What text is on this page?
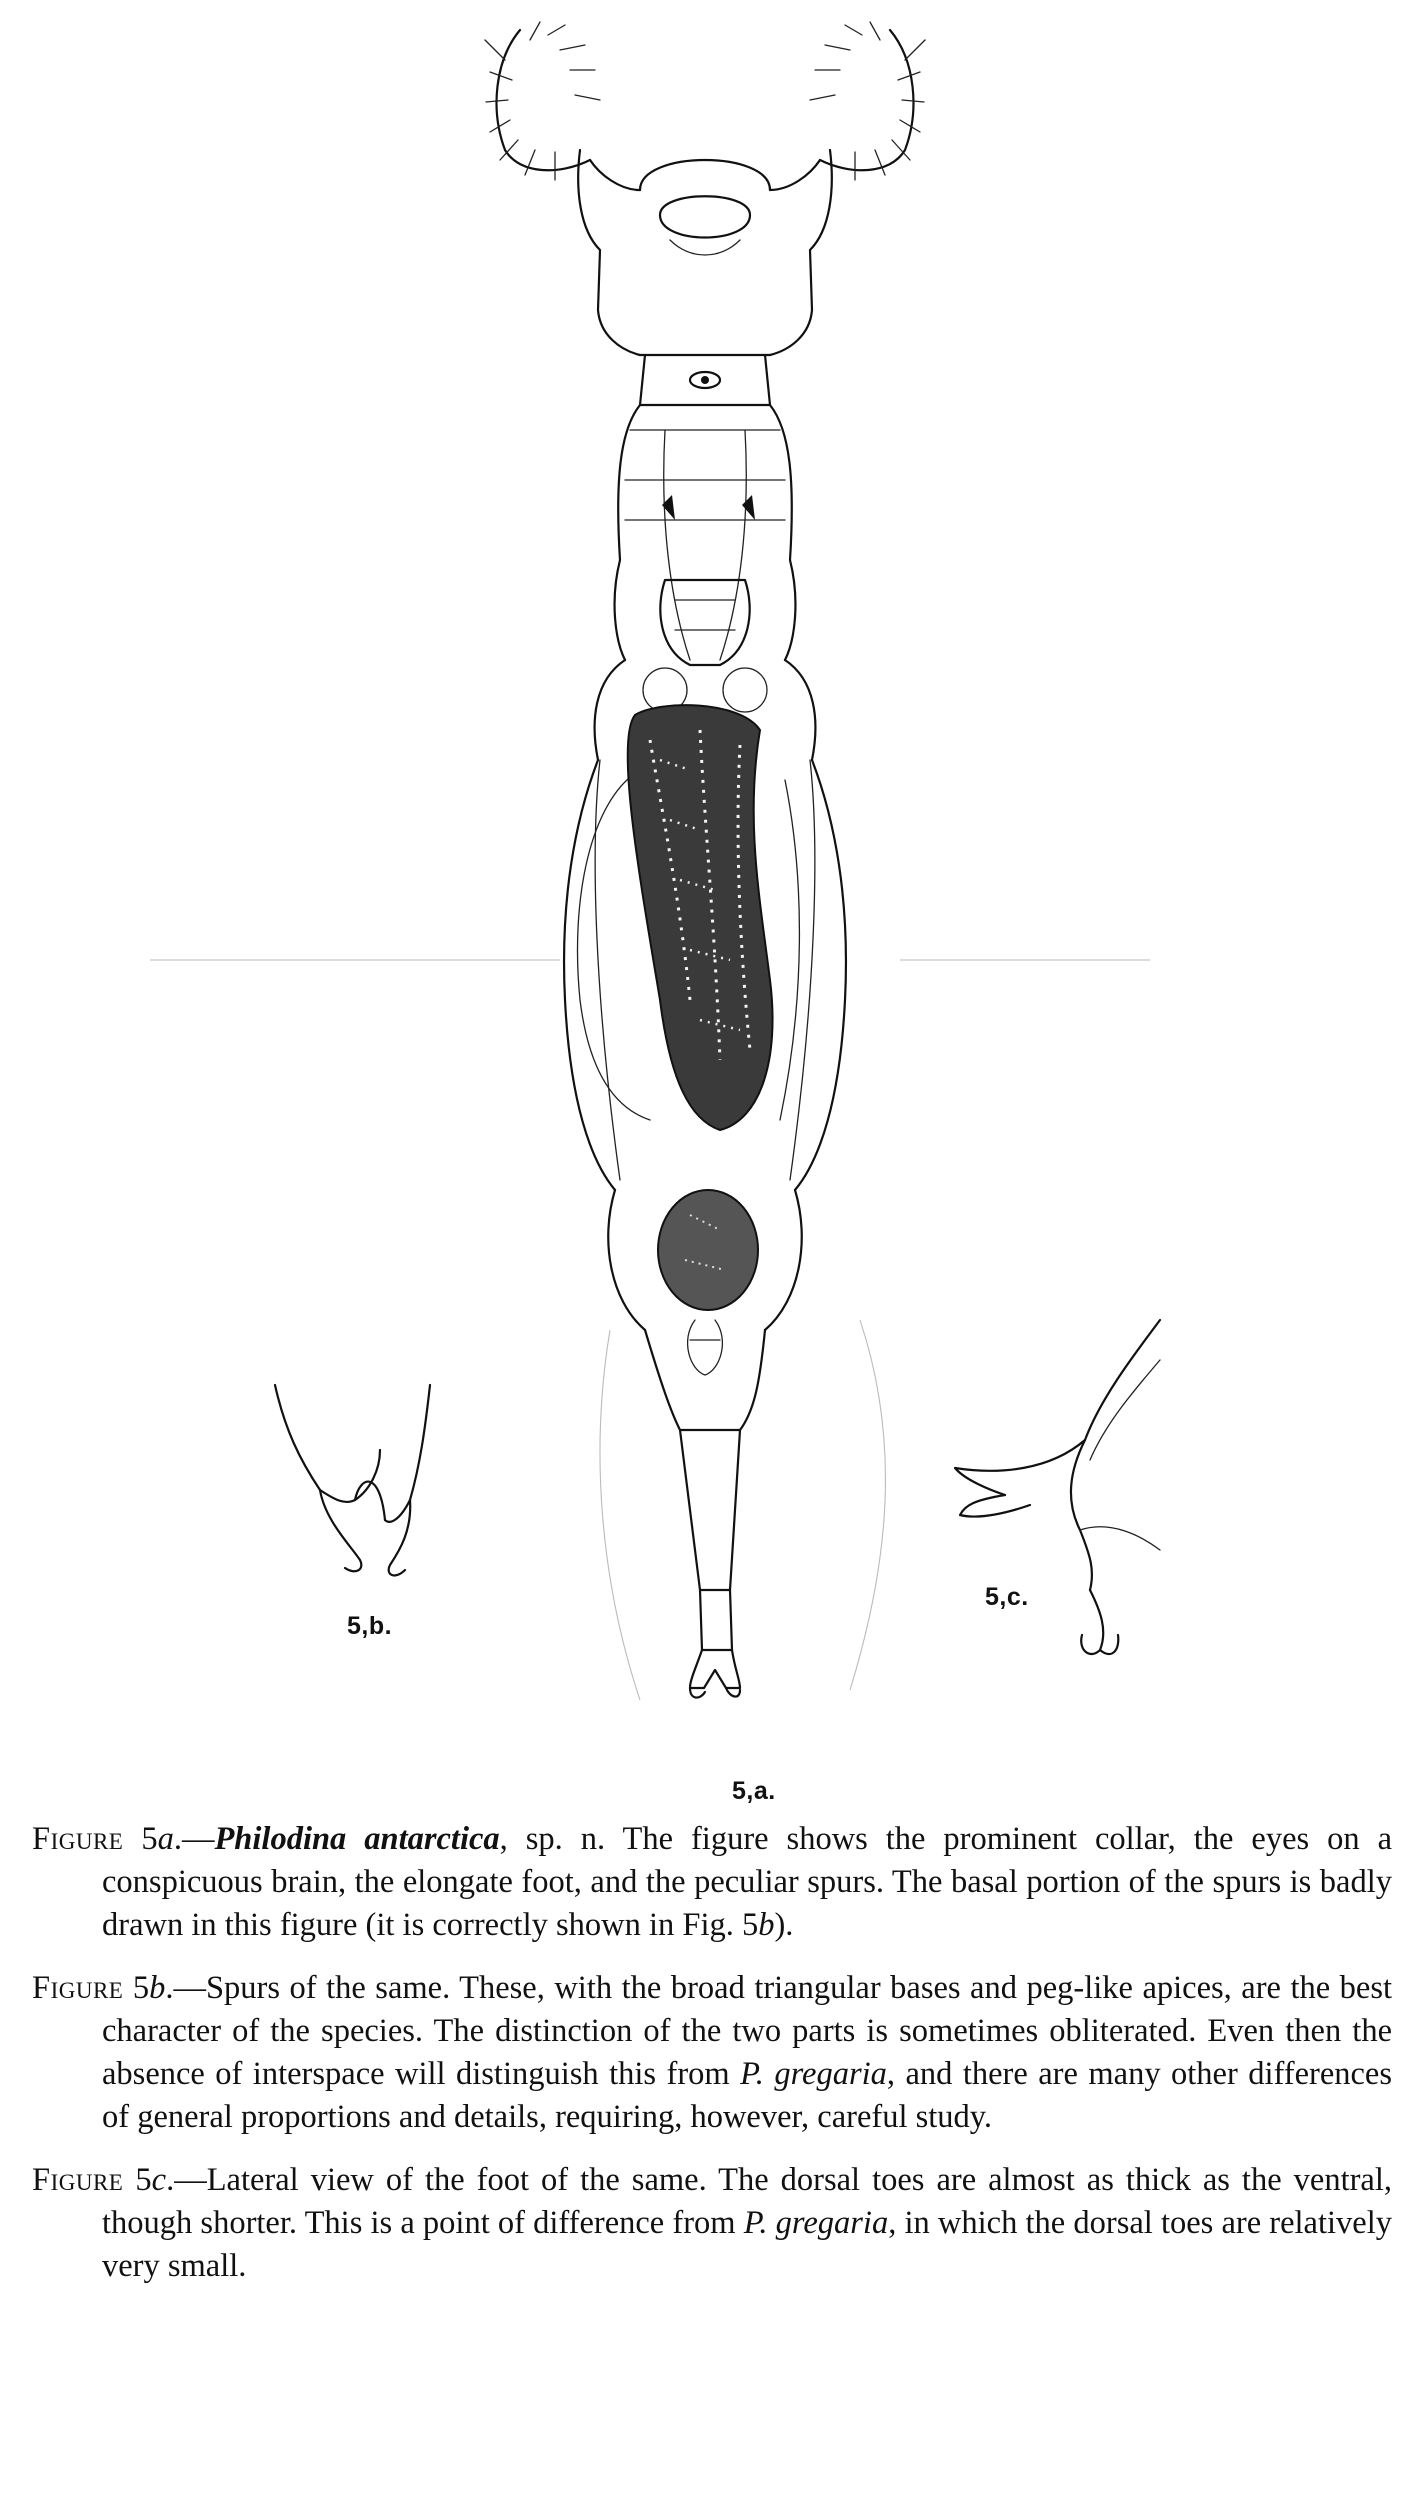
5,a.
5,b.
5,c.

Figure 5a.—Philodina antarctica, sp. n. The figure shows the prominent collar, the eyes on a conspicuous brain, the elongate foot, and the peculiar spurs. The basal portion of the spurs is badly drawn in this figure (it is correctly shown in Fig. 5b).

Figure 5b.—Spurs of the same. These, with the broad triangular bases and peg-like apices, are the best character of the species. The distinction of the two parts is sometimes obliterated. Even then the absence of interspace will distinguish this from P. gregaria, and there are many other differences of general proportions and details, requiring, however, careful study.

Figure 5c.—Lateral view of the foot of the same. The dorsal toes are almost as thick as the ventral, though shorter. This is a point of difference from P. gregaria, in which the dorsal toes are relatively very small.
